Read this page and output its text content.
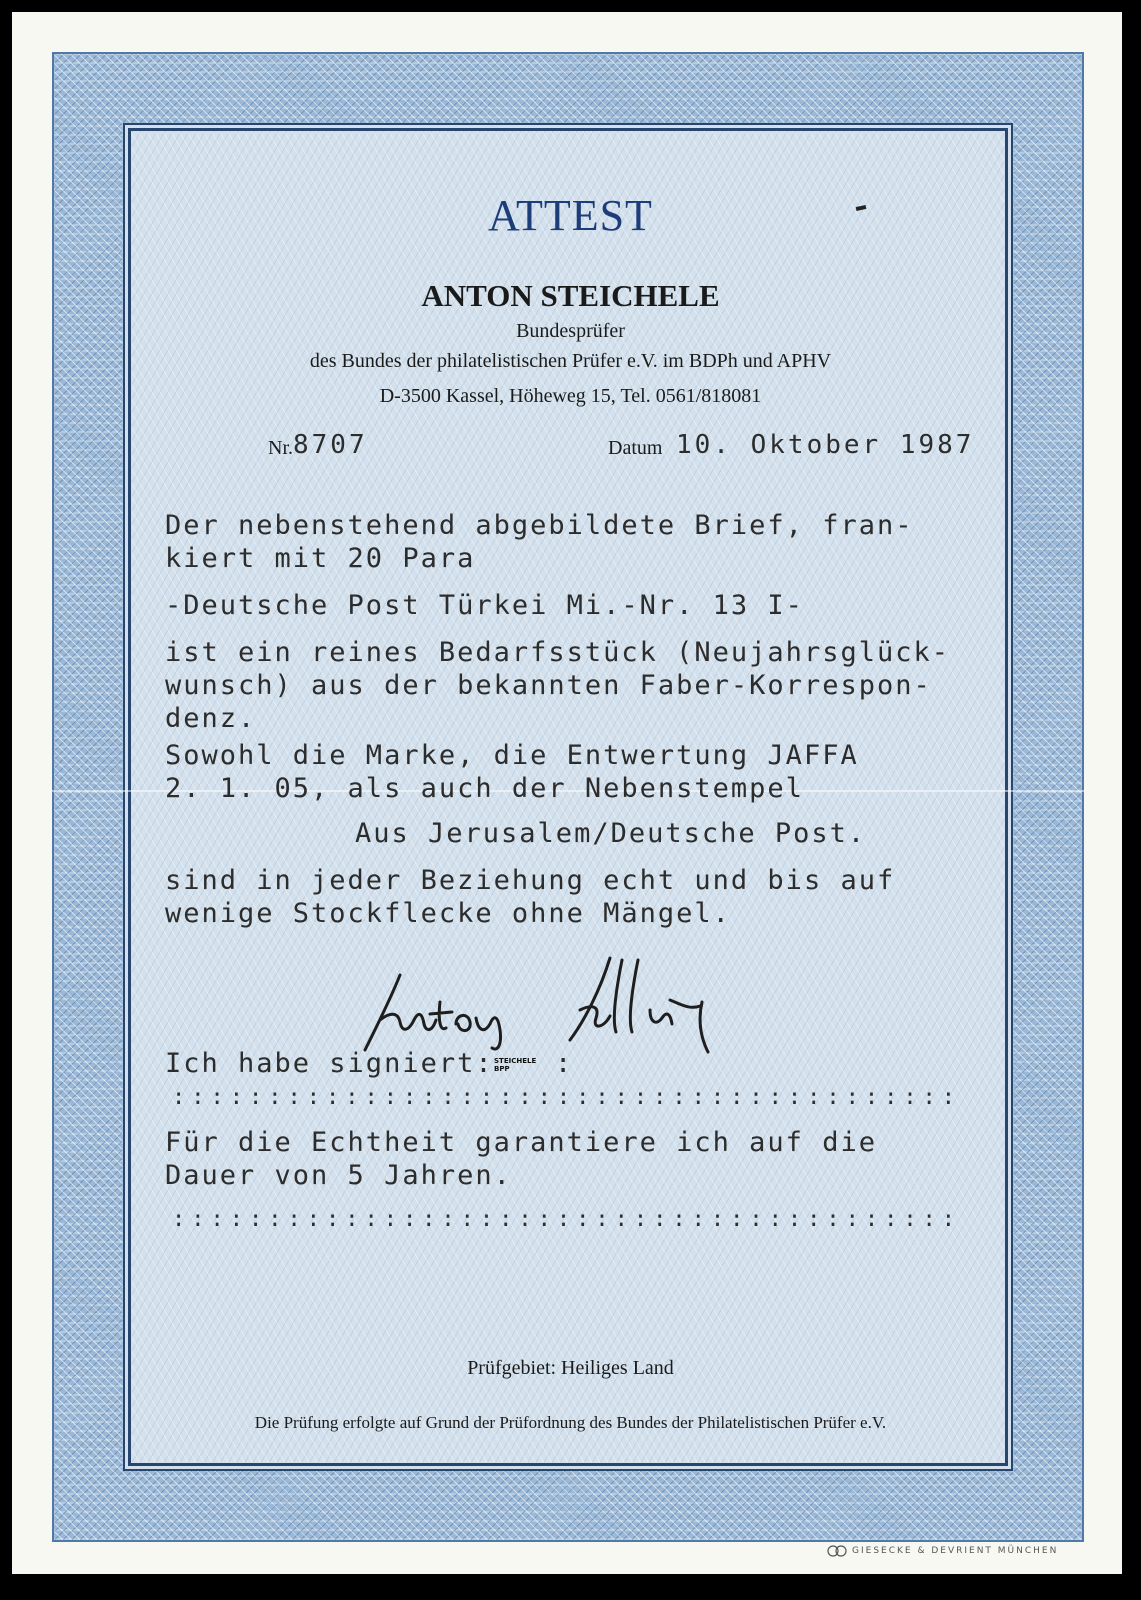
ATTEST
ANTON STEICHELE
Bundesprüfer
des Bundes der philatelistischen Prüfer e.V. im BDPh und APHV
D-3500 Kassel, Höheweg 15, Tel. 0561/818081
Nr. 8707	Datum 10. Oktober 1987
Der nebenstehend abgebildete Brief, fran-
kiert mit 20 Para
-Deutsche Post Türkei Mi.-Nr. 13 I-
ist ein reines Bedarfsstück (Neujahrsglück-
wunsch) aus der bekannten Faber-Korrespon-
denz.
Sowohl die Marke, die Entwertung JAFFA
2. 1. 05, als auch der Nebenstempel
Aus Jerusalem/Deutsche Post.
sind in jeder Beziehung echt und bis auf
wenige Stockflecke ohne Mängel.
Ich habe signiert: STEICHELE BPP	:
:::::::::::::::::::::::::::::::::::::::::
Für die Echtheit garantiere ich auf die
Dauer von 5 Jahren.
:::::::::::::::::::::::::::::::::::::::::
Prüfgebiet: Heiliges Land
Die Prüfung erfolgte auf Grund der Prüfordnung des Bundes der Philatelistischen Prüfer e.V.
GIESECKE & DEVRIENT MÜNCHEN
